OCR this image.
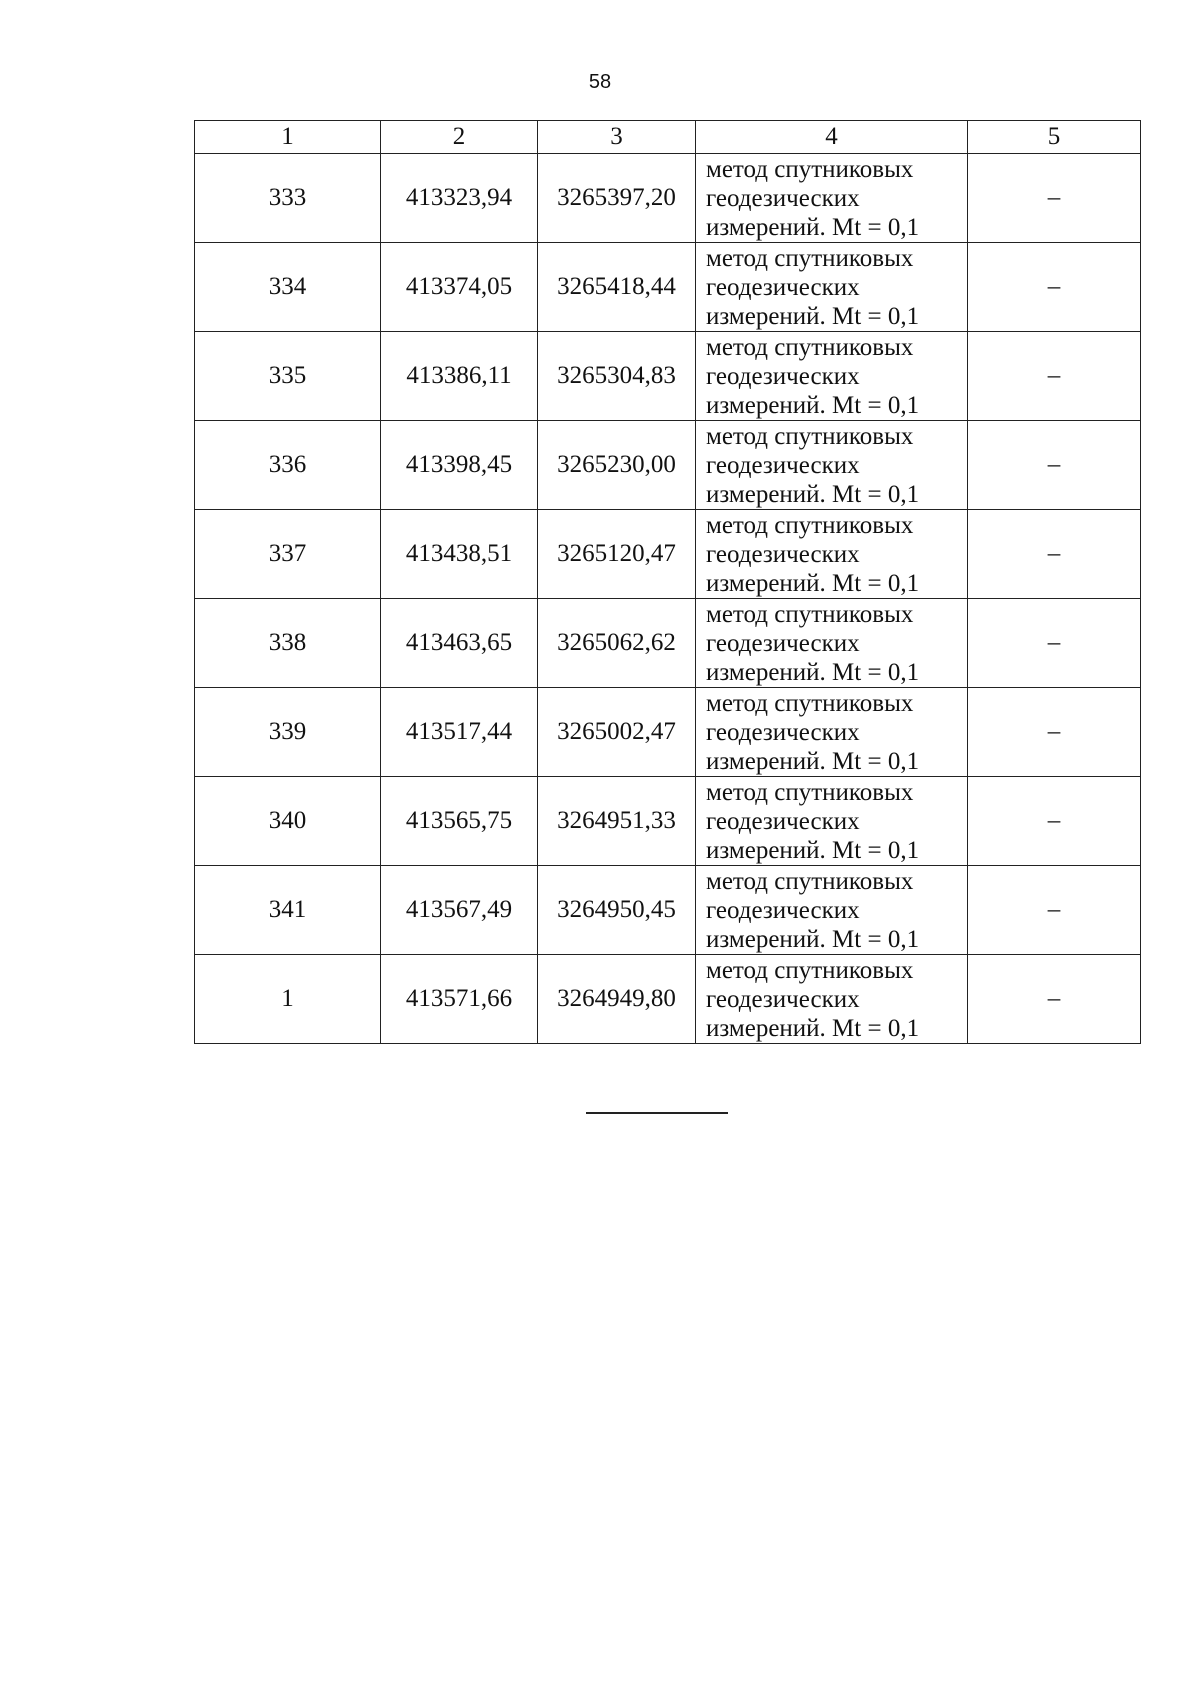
58
1	2	3	4	5
333	413323,94	3265397,20	метод спутниковых
геодезических
измерений. Mt = 0,1	–
334	413374,05	3265418,44	метод спутниковых
геодезических
измерений. Mt = 0,1	–
335	413386,11	3265304,83	метод спутниковых
геодезических
измерений. Mt = 0,1	–
336	413398,45	3265230,00	метод спутниковых
геодезических
измерений. Mt = 0,1	–
337	413438,51	3265120,47	метод спутниковых
геодезических
измерений. Mt = 0,1	–
338	413463,65	3265062,62	метод спутниковых
геодезических
измерений. Mt = 0,1	–
339	413517,44	3265002,47	метод спутниковых
геодезических
измерений. Mt = 0,1	–
340	413565,75	3264951,33	метод спутниковых
геодезических
измерений. Mt = 0,1	–
341	413567,49	3264950,45	метод спутниковых
геодезических
измерений. Mt = 0,1	–
1	413571,66	3264949,80	метод спутниковых
геодезических
измерений. Mt = 0,1	–
